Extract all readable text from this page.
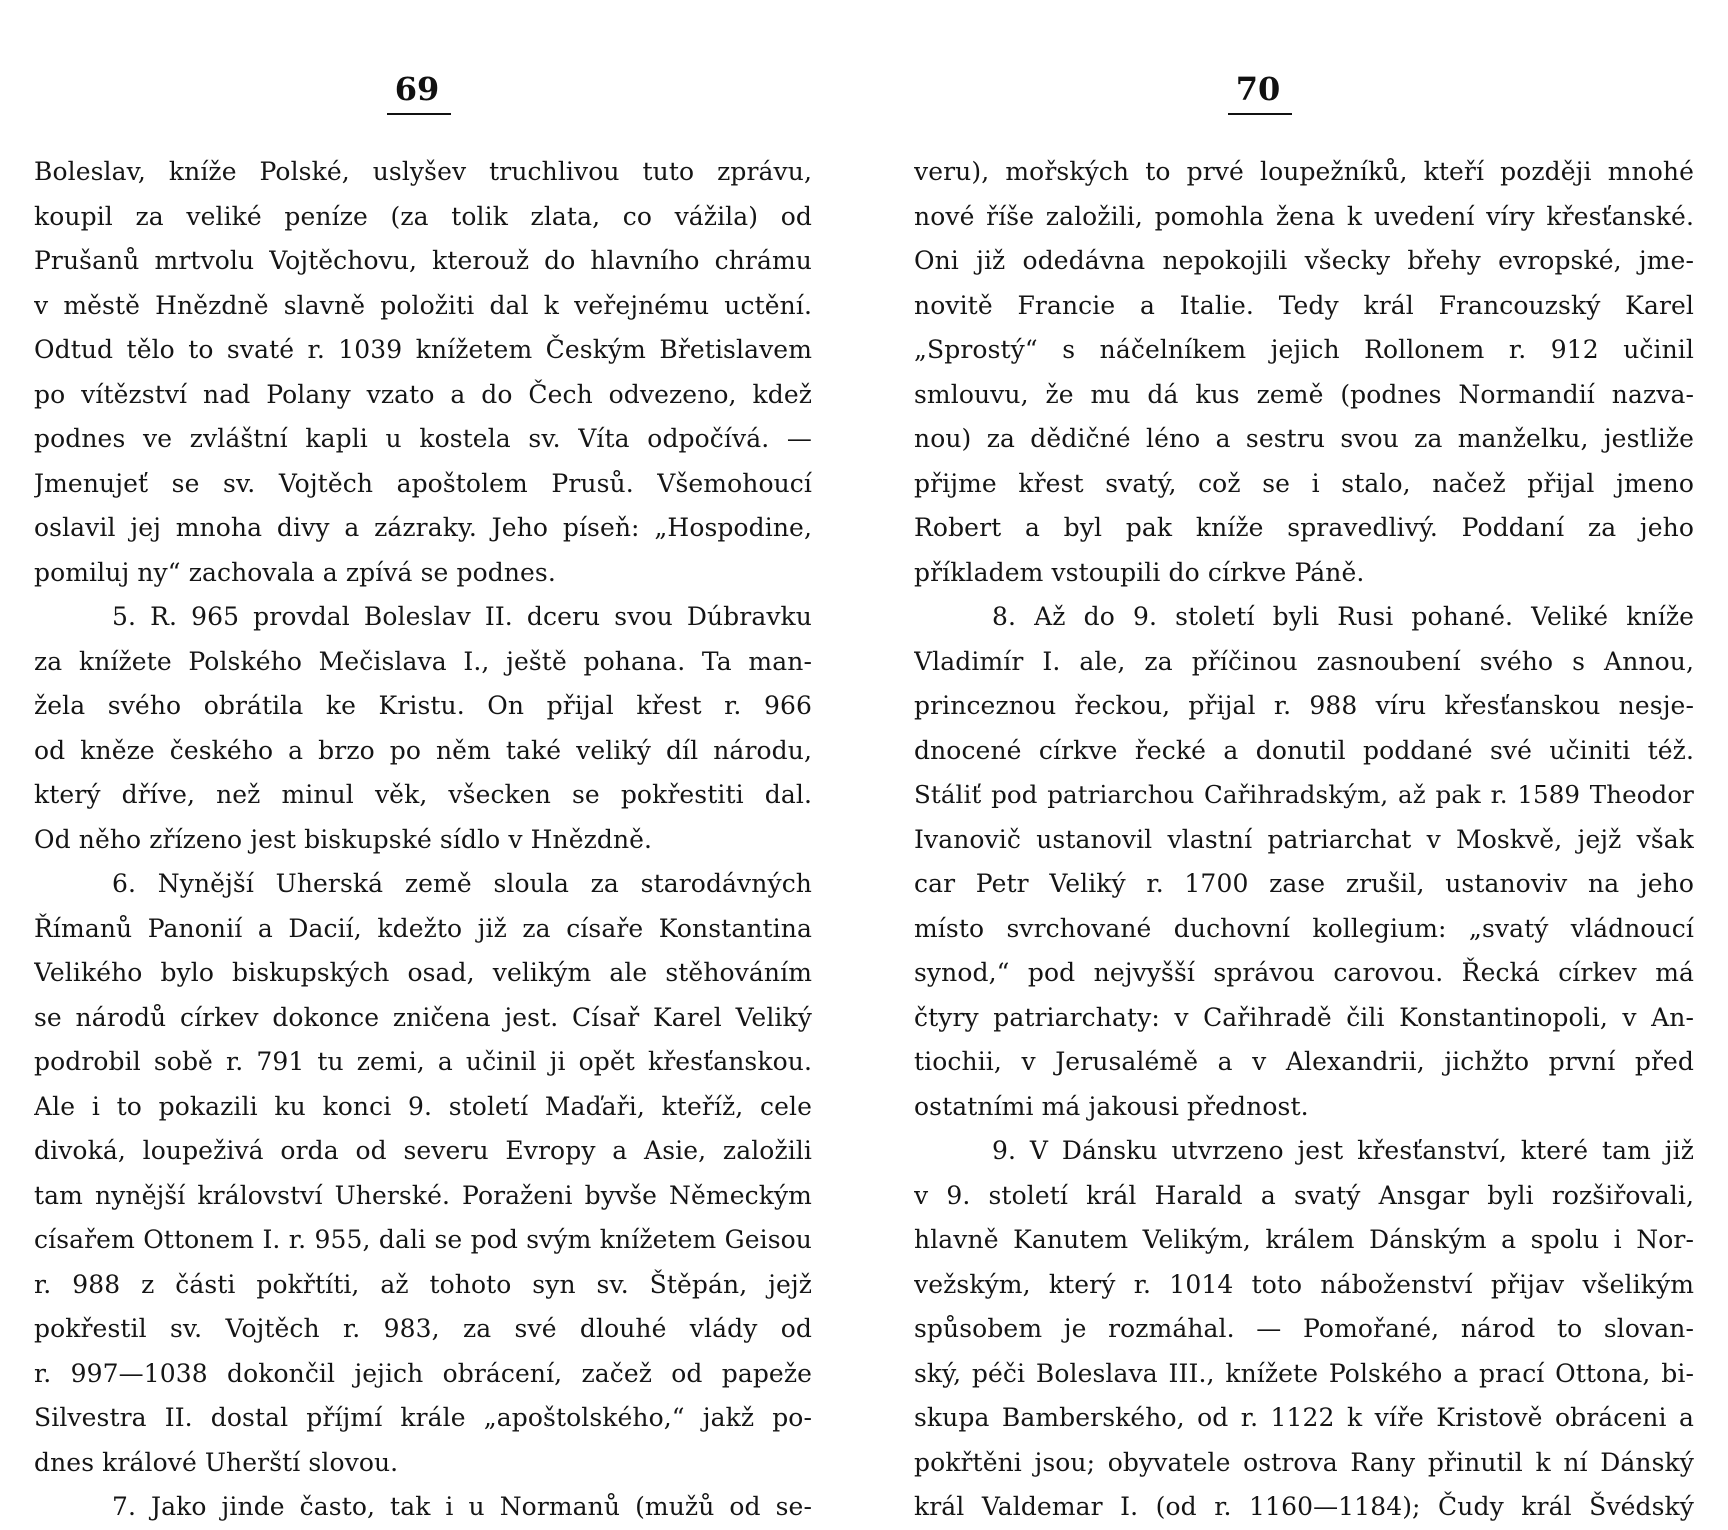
69
Boleslav, kníže Polské, uslyšev truchlivou tuto zprávu,
koupil za veliké peníze (za tolik zlata, co vážila) od
Prušanů mrtvolu Vojtěchovu, kterouž do hlavního chrámu
v městě Hnězdně slavně položiti dal k veřejnému uctění.
Odtud tělo to svaté r. 1039 knížetem Českým Břetislavem
po vítězství nad Polany vzato a do Čech odvezeno, kdež
podnes ve zvláštní kapli u kostela sv. Víta odpočívá. —
Jmenujeť se sv. Vojtěch apoštolem Prusů. Všemohoucí
oslavil jej mnoha divy a zázraky. Jeho píseň: „Hospodine,
pomiluj ny“ zachovala a zpívá se podnes.
5. R. 965 provdal Boleslav II. dceru svou Dúbravku
za knížete Polského Mečislava I., ještě pohana. Ta man-
žela svého obrátila ke Kristu. On přijal křest r. 966
od kněze českého a brzo po něm také veliký díl národu,
který dříve, než minul věk, všecken se pokřestiti dal.
Od něho zřízeno jest biskupské sídlo v Hnězdně.
6. Nynější Uherská země sloula za starodávných
Římanů Panonií a Dacií, kdežto již za císaře Konstantina
Velikého bylo biskupských osad, velikým ale stěhováním
se národů církev dokonce zničena jest. Císař Karel Veliký
podrobil sobě r. 791 tu zemi, a učinil ji opět křesťanskou.
Ale i to pokazili ku konci 9. století Maďaři, kteříž, cele
divoká, loupeživá orda od severu Evropy a Asie, založili
tam nynější království Uherské. Poraženi byvše Německým
císařem Ottonem I. r. 955, dali se pod svým knížetem Geisou
r. 988 z části pokřtíti, až tohoto syn sv. Štěpán, jejž
pokřestil sv. Vojtěch r. 983, za své dlouhé vlády od
r. 997—1038 dokončil jejich obrácení, začež od papeže
Silvestra II. dostal příjmí krále „apoštolského,“ jakž po-
dnes králové Uherští slovou.
7. Jako jinde často, tak i u Normanů (mužů od se-
70
veru), mořských to prvé loupežníků, kteří později mnohé
nové říše založili, pomohla žena k uvedení víry křesťanské.
Oni již odedávna nepokojili všecky břehy evropské, jme-
novitě Francie a Italie. Tedy král Francouzský Karel
„Sprostý“ s náčelníkem jejich Rollonem r. 912 učinil
smlouvu, že mu dá kus země (podnes Normandií nazva-
nou) za dědičné léno a sestru svou za manželku, jestliže
přijme křest svatý, což se i stalo, načež přijal jmeno
Robert a byl pak kníže spravedlivý. Poddaní za jeho
příkladem vstoupili do církve Páně.
8. Až do 9. století byli Rusi pohané. Veliké kníže
Vladimír I. ale, za příčinou zasnoubení svého s Annou,
princeznou řeckou, přijal r. 988 víru křesťanskou nesje-
dnocené církve řecké a donutil poddané své učiniti též.
Stáliť pod patriarchou Cařihradským, až pak r. 1589 Theodor
Ivanovič ustanovil vlastní patriarchat v Moskvě, jejž však
car Petr Veliký r. 1700 zase zrušil, ustanoviv na jeho
místo svrchované duchovní kollegium: „svatý vládnoucí
synod,“ pod nejvyšší správou carovou. Řecká církev má
čtyry patriarchaty: v Cařihradě čili Konstantinopoli, v An-
tiochii, v Jerusalémě a v Alexandrii, jichžto první před
ostatními má jakousi přednost.
9. V Dánsku utvrzeno jest křesťanství, které tam již
v 9. století král Harald a svatý Ansgar byli rozšiřovali,
hlavně Kanutem Velikým, králem Dánským a spolu i Nor-
vežským, který r. 1014 toto náboženství přijav všelikým
spůsobem je rozmáhal. — Pomořané, národ to slovan-
ský, péči Boleslava III., knížete Polského a prací Ottona, bi-
skupa Bamberského, od r. 1122 k víře Kristově obráceni a
pokřtěni jsou; obyvatele ostrova Rany přinutil k ní Dánský
král Valdemar I. (od r. 1160—1184); Čudy král Švédský
